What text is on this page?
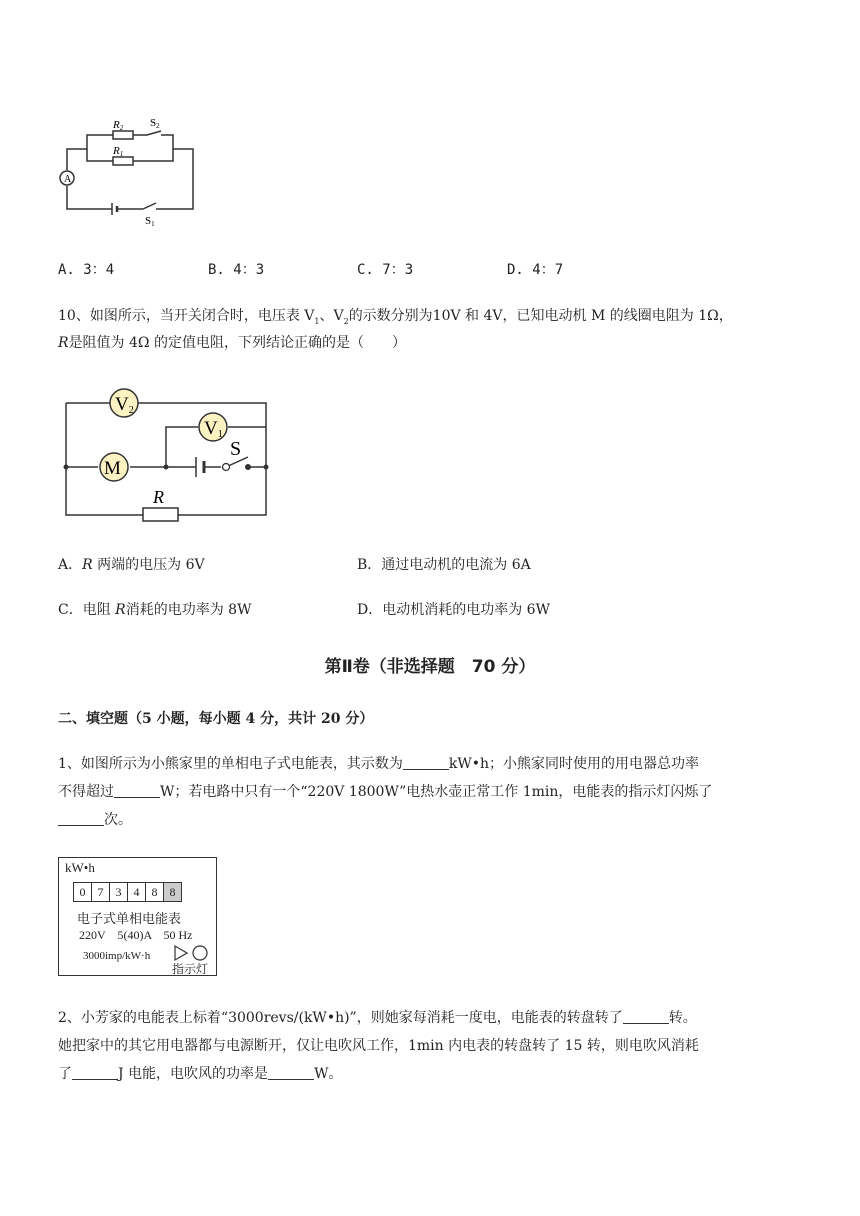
R2 S2
R1
A
S1
A. 3：4	B. 4：3	C. 7：3	D. 4：7
10、如图所示，当开关闭合时，电压表 $V_1$、$V_2$的示数分别为10V 和 4V，已知电动机 M 的线圈电阻为 1Ω，
R是阻值为 4Ω 的定值电阻，下列结论正确的是（　　）
V2
V1
M
S
R
A．R 两端的电压为 6V	B．通过电动机的电流为 6A
C．电阻 R消耗的电功率为 8W	D．电动机消耗的电功率为 6W
第Ⅱ卷（非选择题　70 分）
二、填空题（5 小题，每小题 4 分，共计 20 分）
1、如图所示为小熊家里的单相电子式电能表，其示数为	kW•h；小熊家同时使用的用电器总功率
不得超过	W；若电路中只有一个“220V 1800W”电热水壶正常工作 1min，电能表的指示灯闪烁了
次。
kW•h
0 7 3 4 8 8
电子式单相电能表
220V　5(40)A　50 Hz
3000imp/kW·h
指示灯
2、小芳家的电能表上标着“3000revs/(kW•h)”，则她家每消耗一度电，电能表的转盘转了	转。
她把家中的其它用电器都与电源断开，仅让电吹风工作，1min 内电表的转盘转了 15 转，则电吹风消耗
了	J 电能，电吹风的功率是	W。
